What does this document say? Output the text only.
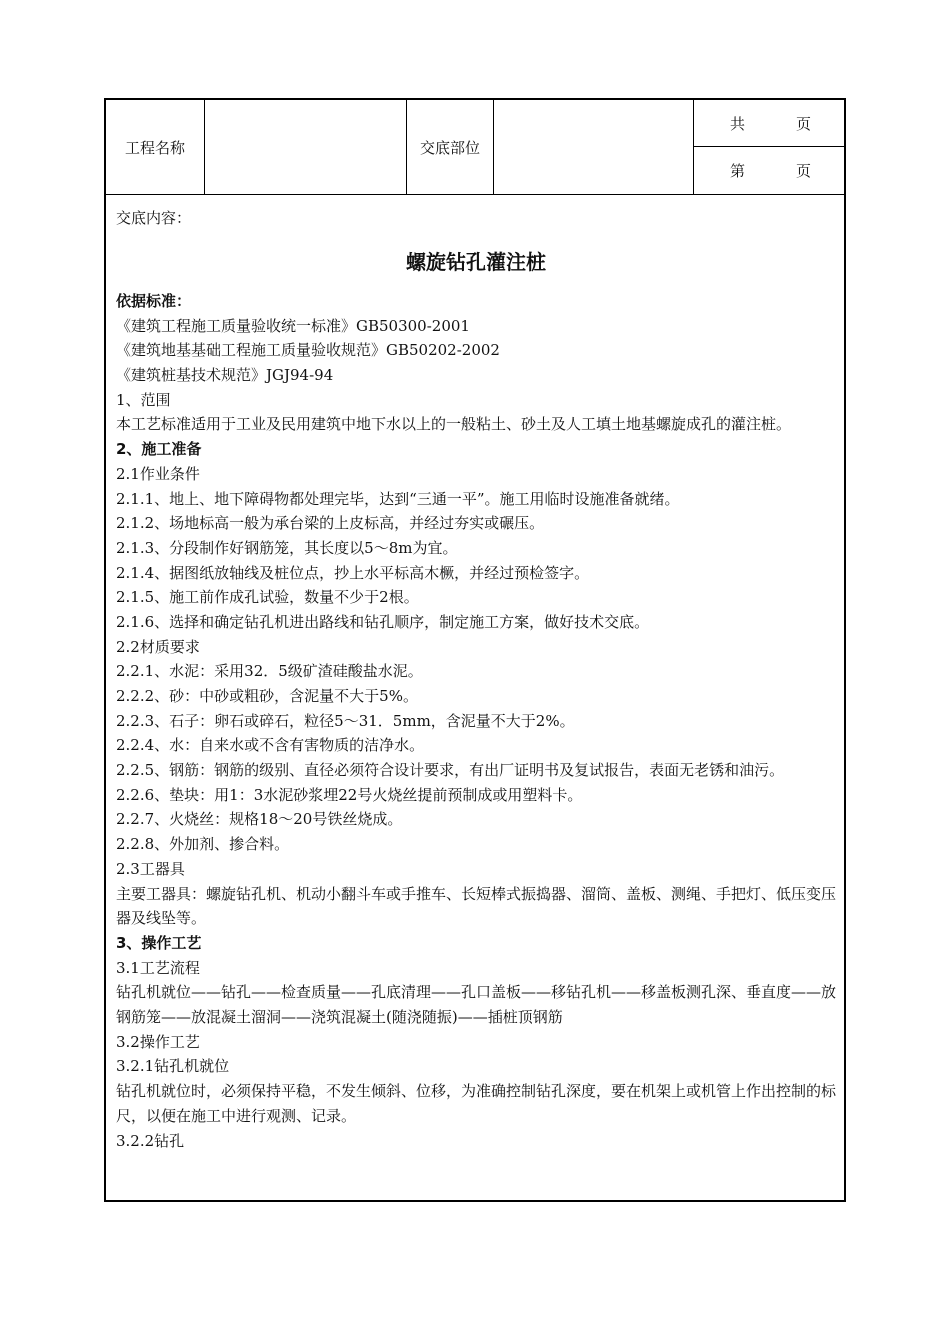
工程名称	交底部位
共	页
第	页
交底内容：
螺旋钻孔灌注桩
依据标准：
《建筑工程施工质量验收统一标准》GB50300-2001
《建筑地基基础工程施工质量验收规范》GB50202-2002
《建筑桩基技术规范》JGJ94-94
1、范围
本工艺标准适用于工业及民用建筑中地下水以上的一般粘土、砂土及人工填土地基螺旋成孔的灌注桩。
2、施工准备
2.1作业条件
2.1.1、地上、地下障碍物都处理完毕，达到“三通一平”。施工用临时设施准备就绪。
2.1.2、场地标高一般为承台梁的上皮标高，并经过夯实或碾压。
2.1.3、分段制作好钢筋笼，其长度以5～8m为宜。
2.1.4、据图纸放轴线及桩位点，抄上水平标高木橛，并经过预检签字。
2.1.5、施工前作成孔试验，数量不少于2根。
2.1.6、选择和确定钻孔机进出路线和钻孔顺序，制定施工方案，做好技术交底。
2.2材质要求
2.2.1、水泥：采用32．5级矿渣硅酸盐水泥。
2.2.2、砂：中砂或粗砂，含泥量不大于5%。
2.2.3、石子：卵石或碎石，粒径5～31．5mm，含泥量不大于2%。
2.2.4、水：自来水或不含有害物质的洁净水。
2.2.5、钢筋：钢筋的级别、直径必须符合设计要求，有出厂证明书及复试报告，表面无老锈和油污。
2.2.6、垫块：用1：3水泥砂浆埋22号火烧丝提前预制成或用塑料卡。
2.2.7、火烧丝：规格18～20号铁丝烧成。
2.2.8、外加剂、掺合料。
2.3工器具
主要工器具：螺旋钻孔机、机动小翻斗车或手推车、长短棒式振捣器、溜筒、盖板、测绳、手把灯、低压变压器及线坠等。
3、操作工艺
3.1工艺流程
钻孔机就位——钻孔——检查质量——孔底清理——孔口盖板——移钻孔机——移盖板测孔深、垂直度——放钢筋笼——放混凝土溜洞——浇筑混凝土(随浇随振)——插桩顶钢筋
3.2操作工艺
3.2.1钻孔机就位
钻孔机就位时，必须保持平稳，不发生倾斜、位移，为准确控制钻孔深度，要在机架上或机管上作出控制的标尺，以便在施工中进行观测、记录。
3.2.2钻孔
